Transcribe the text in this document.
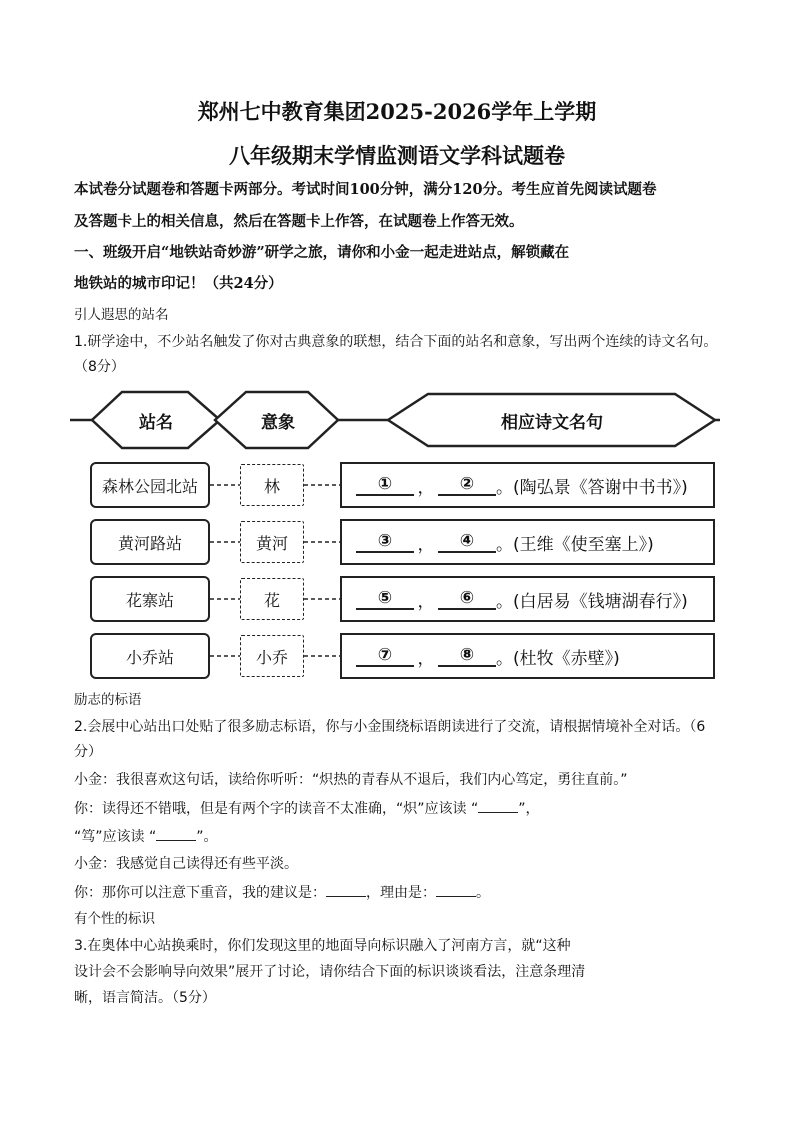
郑州七中教育集团2025-2026学年上学期
八年级期末学情监测语文学科试题卷
本试卷分试题卷和答题卡两部分。考试时间100分钟，满分120分。考生应首先阅读试题卷
及答题卡上的相关信息，然后在答题卡上作答，在试题卷上作答无效。
一、班级开启“地铁站奇妙游”研学之旅，请你和小金一起走进站点，解锁藏在
地铁站的城市印记！（共24分）
引人遐思的站名
1.研学途中，不少站名触发了你对古典意象的联想，结合下面的站名和意象，写出两个连续的诗文名句。
（8分）
站名	意象	相应诗文名句
森林公园北站	林	①	，	②	。(陶弘景《答谢中书书》)
黄河路站	黄河	③	，	④	。(王维《使至塞上》)
花寨站	花	⑤	，	⑥	。(白居易《钱塘湖春行》)
小乔站	小乔	⑦	，	⑧	。(杜牧《赤壁》)
励志的标语
2.会展中心站出口处贴了很多励志标语，你与小金围绕标语朗读进行了交流，请根据情境补全对话。（6
分）
小金：我很喜欢这句话，读给你听听：“炽热的青春从不退后，我们内心笃定，勇往直前。”
你：读得还不错哦，但是有两个字的读音不太准确，“炽”应该读 “	”，
“笃”应该读 “	”。
小金：我感觉自己读得还有些平淡。
你：那你可以注意下重音，我的建议是：	，理由是：	。
有个性的标识
3.在奥体中心站换乘时，你们发现这里的地面导向标识融入了河南方言，就“这种
设计会不会影响导向效果”展开了讨论，请你结合下面的标识谈谈看法，注意条理清
晰，语言简洁。（5分）
